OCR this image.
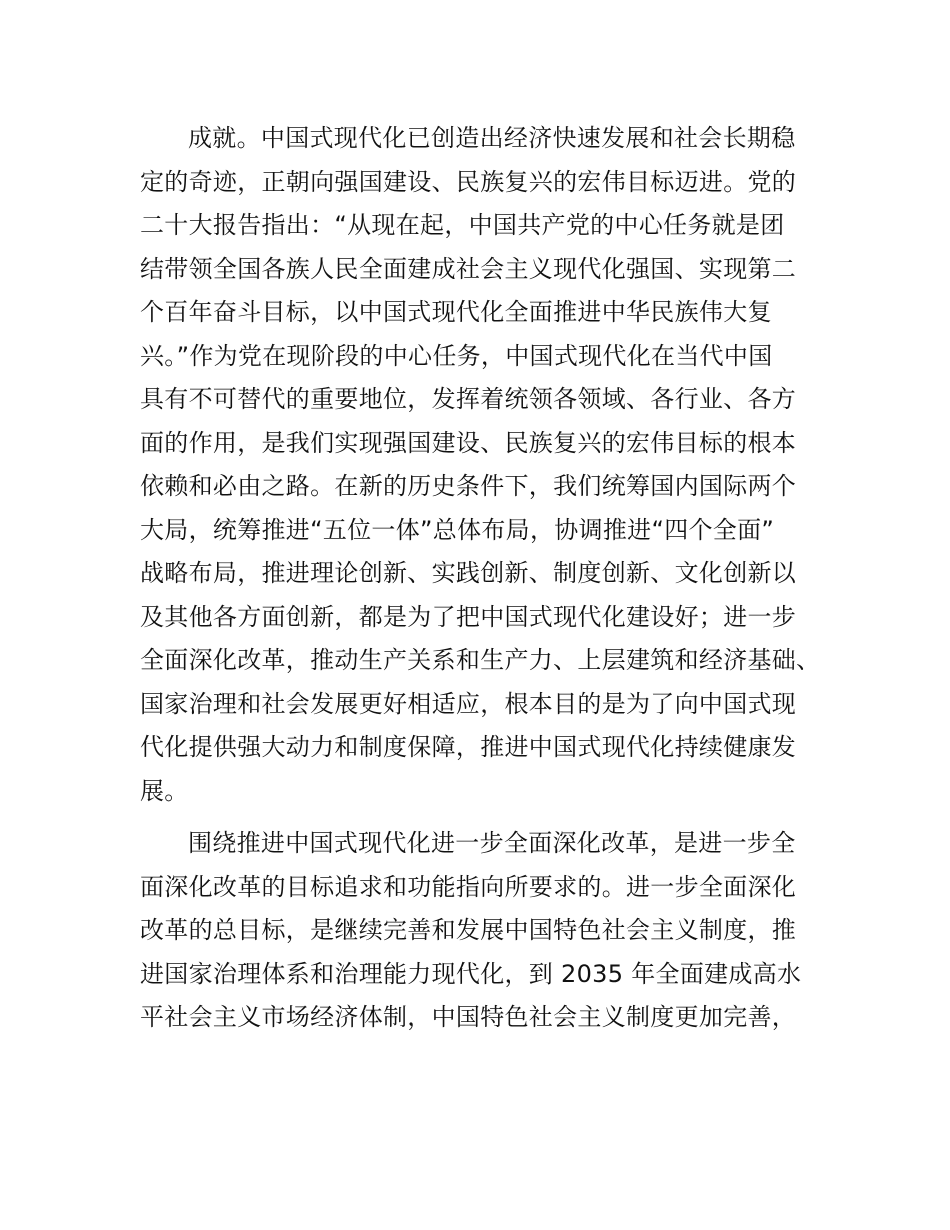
成就。中国式现代化已创造出经济快速发展和社会长期稳
定的奇迹，正朝向强国建设、民族复兴的宏伟目标迈进。党的
二十大报告指出：“从现在起，中国共产党的中心任务就是团
结带领全国各族人民全面建成社会主义现代化强国、实现第二
个百年奋斗目标，以中国式现代化全面推进中华民族伟大复
兴。”作为党在现阶段的中心任务，中国式现代化在当代中国
具有不可替代的重要地位，发挥着统领各领域、各行业、各方
面的作用，是我们实现强国建设、民族复兴的宏伟目标的根本
依赖和必由之路。在新的历史条件下，我们统筹国内国际两个
大局，统筹推进“五位一体”总体布局，协调推进“四个全面”
战略布局，推进理论创新、实践创新、制度创新、文化创新以
及其他各方面创新，都是为了把中国式现代化建设好；进一步
全面深化改革，推动生产关系和生产力、上层建筑和经济基础、
国家治理和社会发展更好相适应，根本目的是为了向中国式现
代化提供强大动力和制度保障，推进中国式现代化持续健康发
展。
围绕推进中国式现代化进一步全面深化改革，是进一步全
面深化改革的目标追求和功能指向所要求的。进一步全面深化
改革的总目标，是继续完善和发展中国特色社会主义制度，推
进国家治理体系和治理能力现代化，到 2035 年全面建成高水
平社会主义市场经济体制，中国特色社会主义制度更加完善，
